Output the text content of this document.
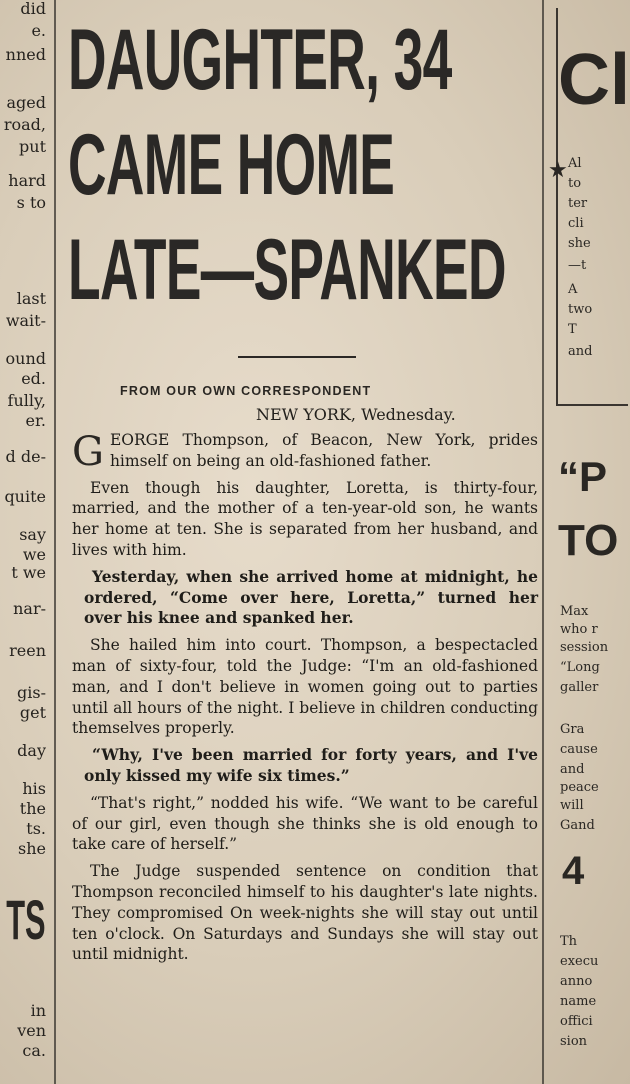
TS
did
e.
nned
aged
road,
put
hard
s to
last
wait-
ound
ed.
fully,
er.
d de-
quite
say
we
t we
nar-
reen
gis-
get
day
his
the
ts.
she
in
ven
ca.
DAUGHTER, 34
CAME HOME
LATE—SPANKED
FROM OUR OWN CORRESPONDENT
NEW YORK, Wednesday.

GEORGE Thompson, of Beacon, New York, prides himself on being an old-fashioned father.

Even though his daughter, Loretta, is thirty-four, married, and the mother of a ten-year-old son, he wants her home at ten. She is separated from her husband, and lives with him.

Yesterday, when she arrived home at midnight, he ordered, “Come over here, Loretta,” turned her over his knee and spanked her.

She hailed him into court. Thompson, a bespectacled man of sixty-four, told the Judge: “I'm an old-fashioned man, and I don't believe in women going out to parties until all hours of the night. I believe in children conducting themselves properly.

“Why, I've been married for forty years, and I've only kissed my wife six times.”

“That's right,” nodded his wife. “We want to be careful of our girl, even though she thinks she is old enough to take care of herself.”

The Judge suspended sentence on condition that Thompson reconciled himself to his daughter's late nights. They compromised On week-nights she will stay out until ten o'clock. On Saturdays and Sundays she will stay out until midnight.

Cl
★
“P
TO
4
Al
to
ter
cli
she
—t
A
two
T
and
Max
who r
session
“Long
galler
Gra
cause
and
peace
will
Gand
Th
execu
anno
name
offici
sion
